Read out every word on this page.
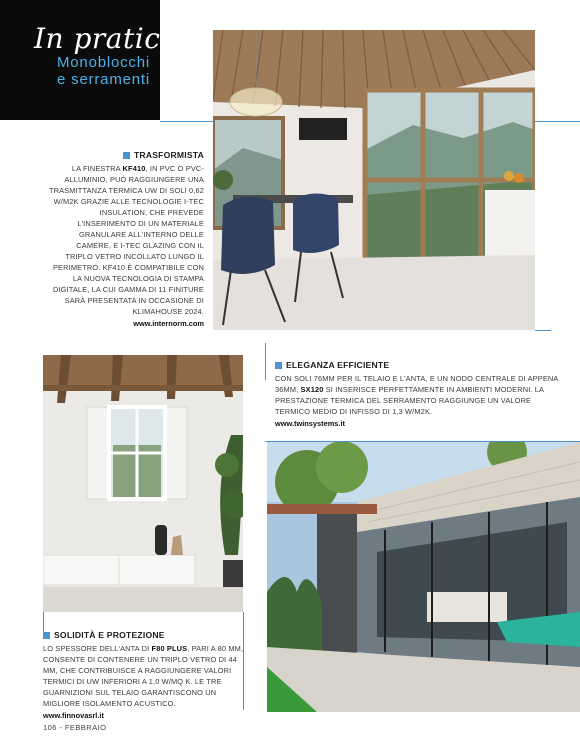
In pratica
Monoblocchi
e serramenti
TRASFORMISTA
LA FINESTRA KF410, IN PVC O PVC-ALLUMINIO, PUÒ RAGGIUNGERE UNA TRASMITTANZA TERMICA UW DI SOLI 0,62 W/M2K GRAZIE ALLE TECNOLOGIE I-TEC INSULATION, CHE PREVEDE L'INSERIMENTO DI UN MATERIALE GRANULARE ALL'INTERNO DELLE CAMERE, E I-TEC GLAZING CON IL TRIPLO VETRO INCOLLATO LUNGO IL PERIMETRO. KF410 È COMPATIBILE CON LA NUOVA TECNOLOGIA DI STAMPA DIGITALE, LA CUI GAMMA DI 11 FINITURE SARÀ PRESENTATA IN OCCASIONE DI KLIMAHOUSE 2024.
www.internorm.com
ELEGANZA EFFICIENTE
CON SOLI 76MM PER IL TELAIO E L'ANTA, E UN NODO CENTRALE DI APPENA 36MM, SX120 SI INSERISCE PERFETTAMENTE IN AMBIENTI MODERNI. LA PRESTAZIONE TERMICA DEL SERRAMENTO RAGGIUNGE UN VALORE TERMICO MEDIO DI INFISSO DI 1,3 W/M2K.
www.twinsystems.it
SOLIDITÀ E PROTEZIONE
LO SPESSORE DELL'ANTA DI F80 PLUS, PARI A 80 MM, CONSENTE DI CONTENERE UN TRIPLO VETRO DI 44 MM, CHE CONTRIBUISCE A RAGGIUNGERE VALORI TERMICI DI UW INFERIORI A 1,0 W/MQ K. LE TRE GUARNIZIONI SUL TELAIO GARANTISCONO UN MIGLIORE ISOLAMENTO ACUSTICO.
www.finnovasrl.it
106 - FEBBRAIO
